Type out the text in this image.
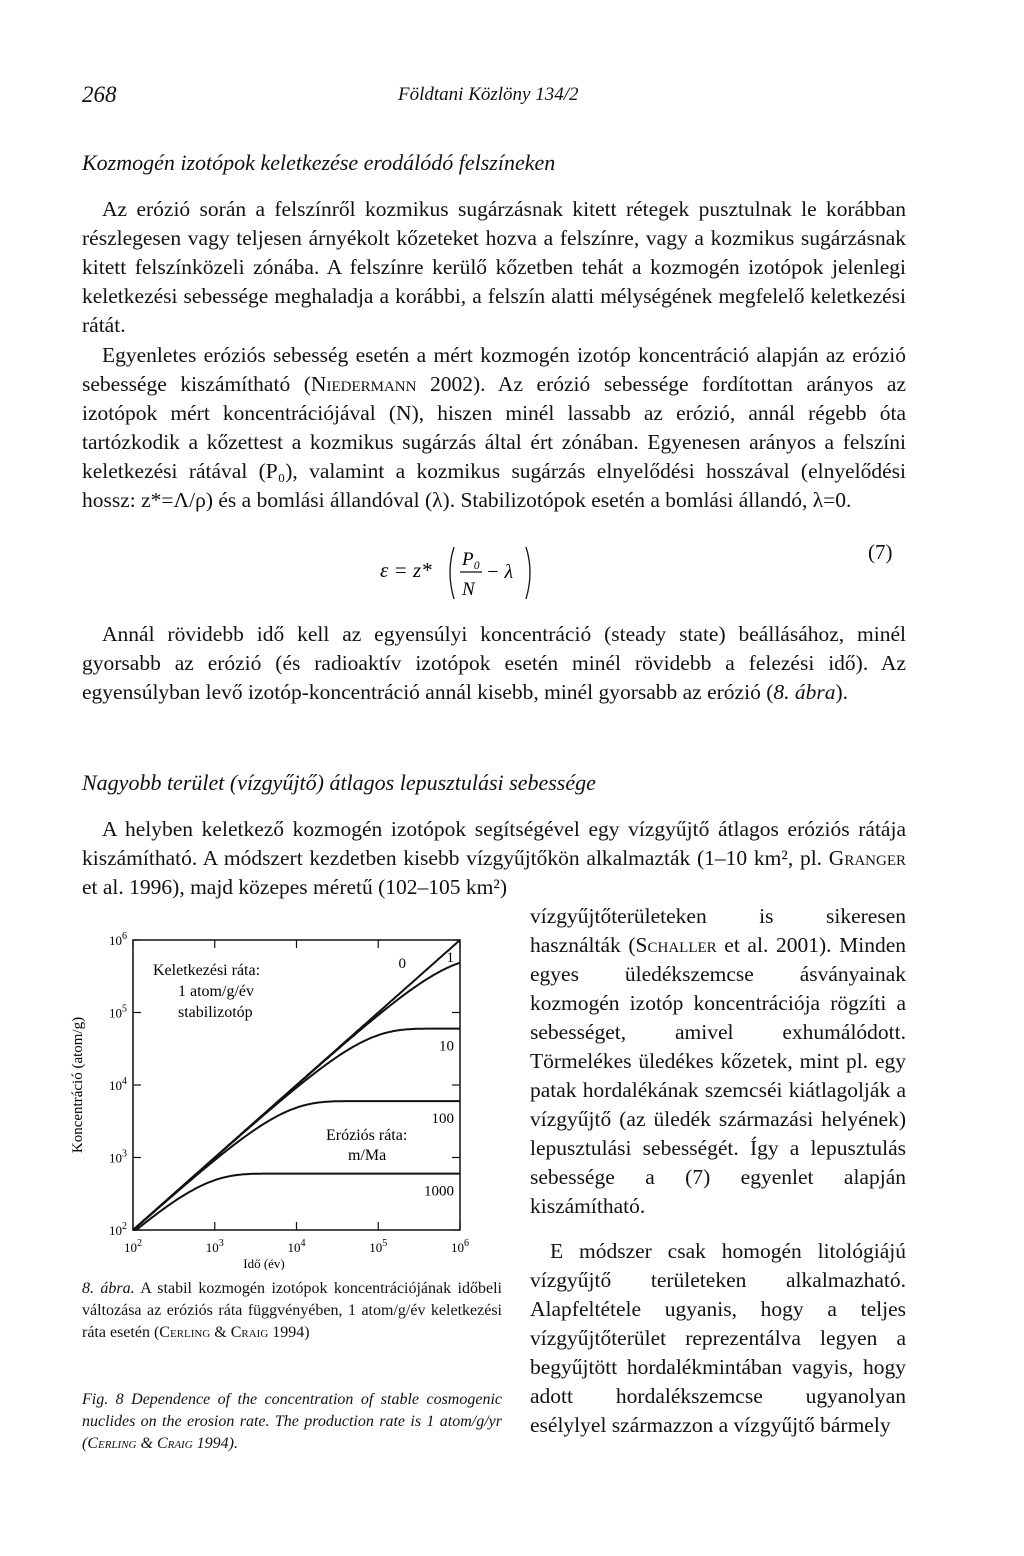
268	Földtani Közlöny 134/2
Kozmogén izotópok keletkezése erodálódó felszíneken

Az erózió során a felszínről kozmikus sugárzásnak kitett rétegek pusztulnak le korábban részlegesen vagy teljesen árnyékolt kőzeteket hozva a felszínre, vagy a kozmikus sugárzásnak kitett felszínközeli zónába. A felszínre kerülő kőzetben tehát a kozmogén izotópok jelenlegi keletkezési sebessége meghaladja a korábbi, a felszín alatti mélységének megfelelő keletkezési rátát.

Egyenletes eróziós sebesség esetén a mért kozmogén izotóp koncentráció alapján az erózió sebessége kiszámítható (Niedermann 2002). Az erózió sebessége fordítottan arányos az izotópok mért koncentrációjával (N), hiszen minél lassabb az erózió, annál régebb óta tartózkodik a kőzettest a kozmikus sugárzás által ért zónában. Egyenesen arányos a felszíni keletkezési rátával (P₀), valamint a kozmikus sugárzás elnyelődési hosszával (elnyelődési hossz: z*=Λ/ρ) és a bomlási állandóval (λ). Stabilizotópok esetén a bomlási állandó, λ=0.

ε = z* P₀
N
− λ
(7)

Annál rövidebb idő kell az egyensúlyi koncentráció (steady state) beállásához, minél gyorsabb az erózió (és radioaktív izotópok esetén minél rövidebb a felezési idő). Az egyensúlyban levő izotóp-koncentráció annál kisebb, minél gyorsabb az erózió (8. ábra).

Nagyobb terület (vízgyűjtő) átlagos lepusztulási sebessége

A helyben keletkező kozmogén izotópok segítségével egy vízgyűjtő átlagos eróziós rátája kiszámítható. A módszert kezdetben kisebb vízgyűjtőkön alkalmazták (1–10 km², pl. Granger et al. 1996), majd közepes méretű (102–105 km²)

vízgyűjtőterületeken is sikeresen használták (Schaller et al. 2001). Minden egyes üledékszemcse ásványainak kozmogén izotóp koncentrációja rögzíti a sebességet, amivel exhumálódott. Törmelékes üledékes kőzetek, mint pl. egy patak hordalékának szemcséi kiátlagolják a vízgyűjtő (az üledék származási helyének) lepusztulási sebességét. Így a lepusztulás sebessége a (7) egyenlet alapján kiszámítható.

E módszer csak homogén litológiájú vízgyűjtő területeken alkalmazható. Alapfeltétele ugyanis, hogy a teljes vízgyűjtőterület reprezentálva legyen a begyűjtött hordalékmintában vagyis, hogy adott hordalékszemcse ugyanolyan esélylyel származzon a vízgyűjtő bármely

$10^2$	$10^3$	$10^4$	$10^5$	$10^6$
$10^2$
$10^3$
$10^4$
$10^5$
$10^6$
0	1
10
100
1000
Idő (év)
Koncentráció (atom/g)
Keletkezési ráta:
1 atom/g/év
stabilizotóp
Eróziós ráta:
m/Ma

8. ábra. A stabil kozmogén izotópok koncentrációjának időbeli változása az eróziós ráta függvényében, 1 atom/g/év keletkezési ráta esetén (Cerling & Craig 1994)

Fig. 8 Dependence of the concentration of stable cosmogenic nuclides on the erosion rate. The production rate is 1 atom/g/yr (Cerling & Craig 1994).
